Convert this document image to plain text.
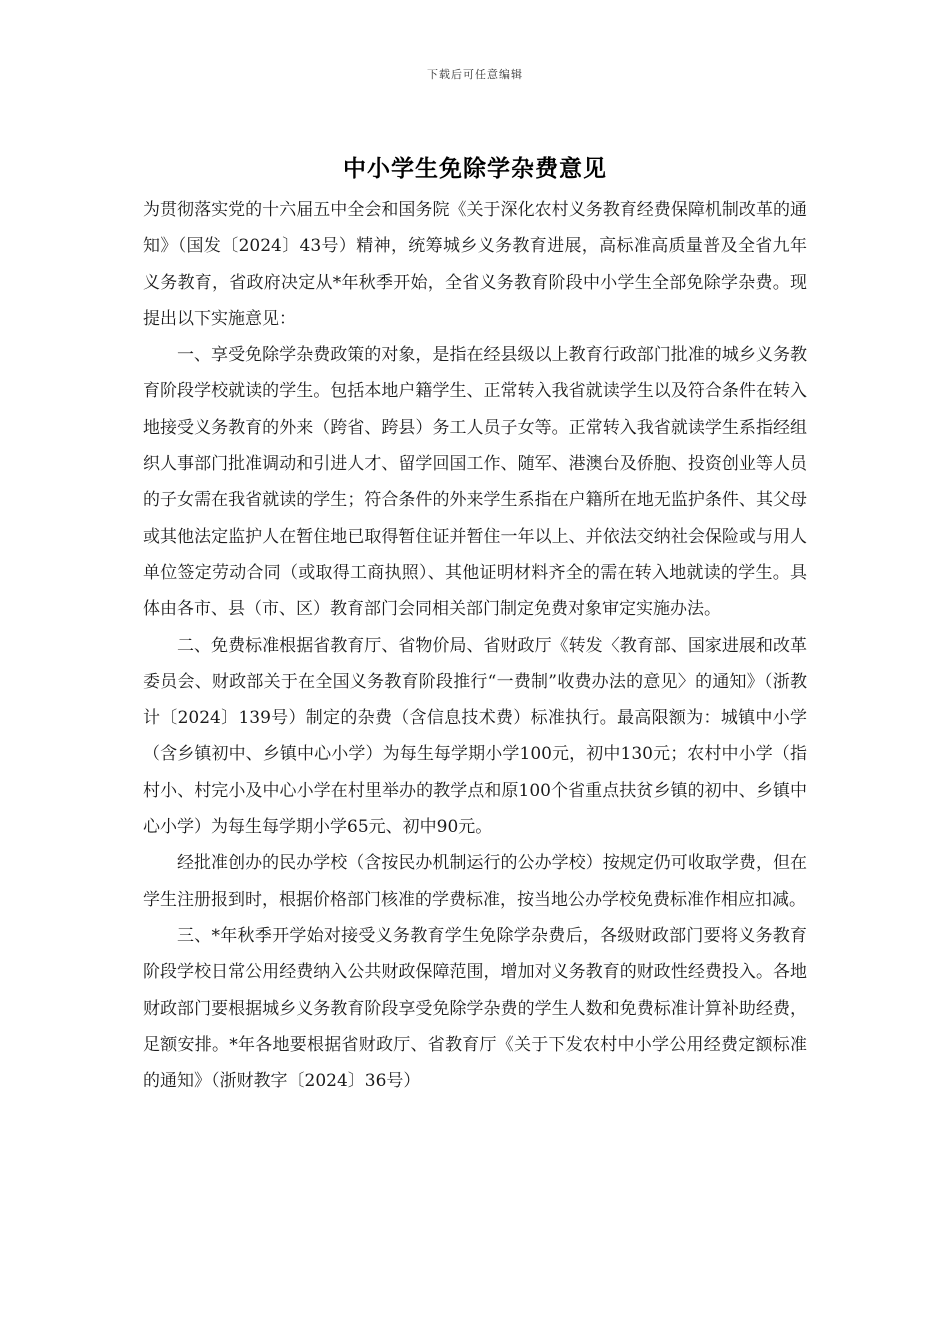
下载后可任意编辑
中小学生免除学杂费意见

为贯彻落实党的十六届五中全会和国务院《关于深化农村义务教育经费保障机制改革的通知》（国发〔2024〕43号）精神，统筹城乡义务教育进展，高标准高质量普及全省九年义务教育，省政府决定从*年秋季开始，全省义务教育阶段中小学生全部免除学杂费。现提出以下实施意见：

一、享受免除学杂费政策的对象，是指在经县级以上教育行政部门批准的城乡义务教育阶段学校就读的学生。包括本地户籍学生、正常转入我省就读学生以及符合条件在转入地接受义务教育的外来（跨省、跨县）务工人员子女等。正常转入我省就读学生系指经组织人事部门批准调动和引进人才、留学回国工作、随军、港澳台及侨胞、投资创业等人员的子女需在我省就读的学生；符合条件的外来学生系指在户籍所在地无监护条件、其父母或其他法定监护人在暂住地已取得暂住证并暂住一年以上、并依法交纳社会保险或与用人单位签定劳动合同（或取得工商执照）、其他证明材料齐全的需在转入地就读的学生。具体由各市、县（市、区）教育部门会同相关部门制定免费对象审定实施办法。

二、免费标准根据省教育厅、省物价局、省财政厅《转发〈教育部、国家进展和改革委员会、财政部关于在全国义务教育阶段推行“一费制”收费办法的意见〉的通知》（浙教计〔2024〕139号）制定的杂费（含信息技术费）标准执行。最高限额为：城镇中小学（含乡镇初中、乡镇中心小学）为每生每学期小学100元，初中130元；农村中小学（指村小、村完小及中心小学在村里举办的教学点和原100个省重点扶贫乡镇的初中、乡镇中心小学）为每生每学期小学65元、初中90元。

经批准创办的民办学校（含按民办机制运行的公办学校）按规定仍可收取学费，但在学生注册报到时，根据价格部门核准的学费标准，按当地公办学校免费标准作相应扣减。

三、*年秋季开学始对接受义务教育学生免除学杂费后，各级财政部门要将义务教育阶段学校日常公用经费纳入公共财政保障范围，增加对义务教育的财政性经费投入。各地财政部门要根据城乡义务教育阶段享受免除学杂费的学生人数和免费标准计算补助经费，足额安排。*年各地要根据省财政厅、省教育厅《关于下发农村中小学公用经费定额标准的通知》（浙财教字〔2024〕36号）
